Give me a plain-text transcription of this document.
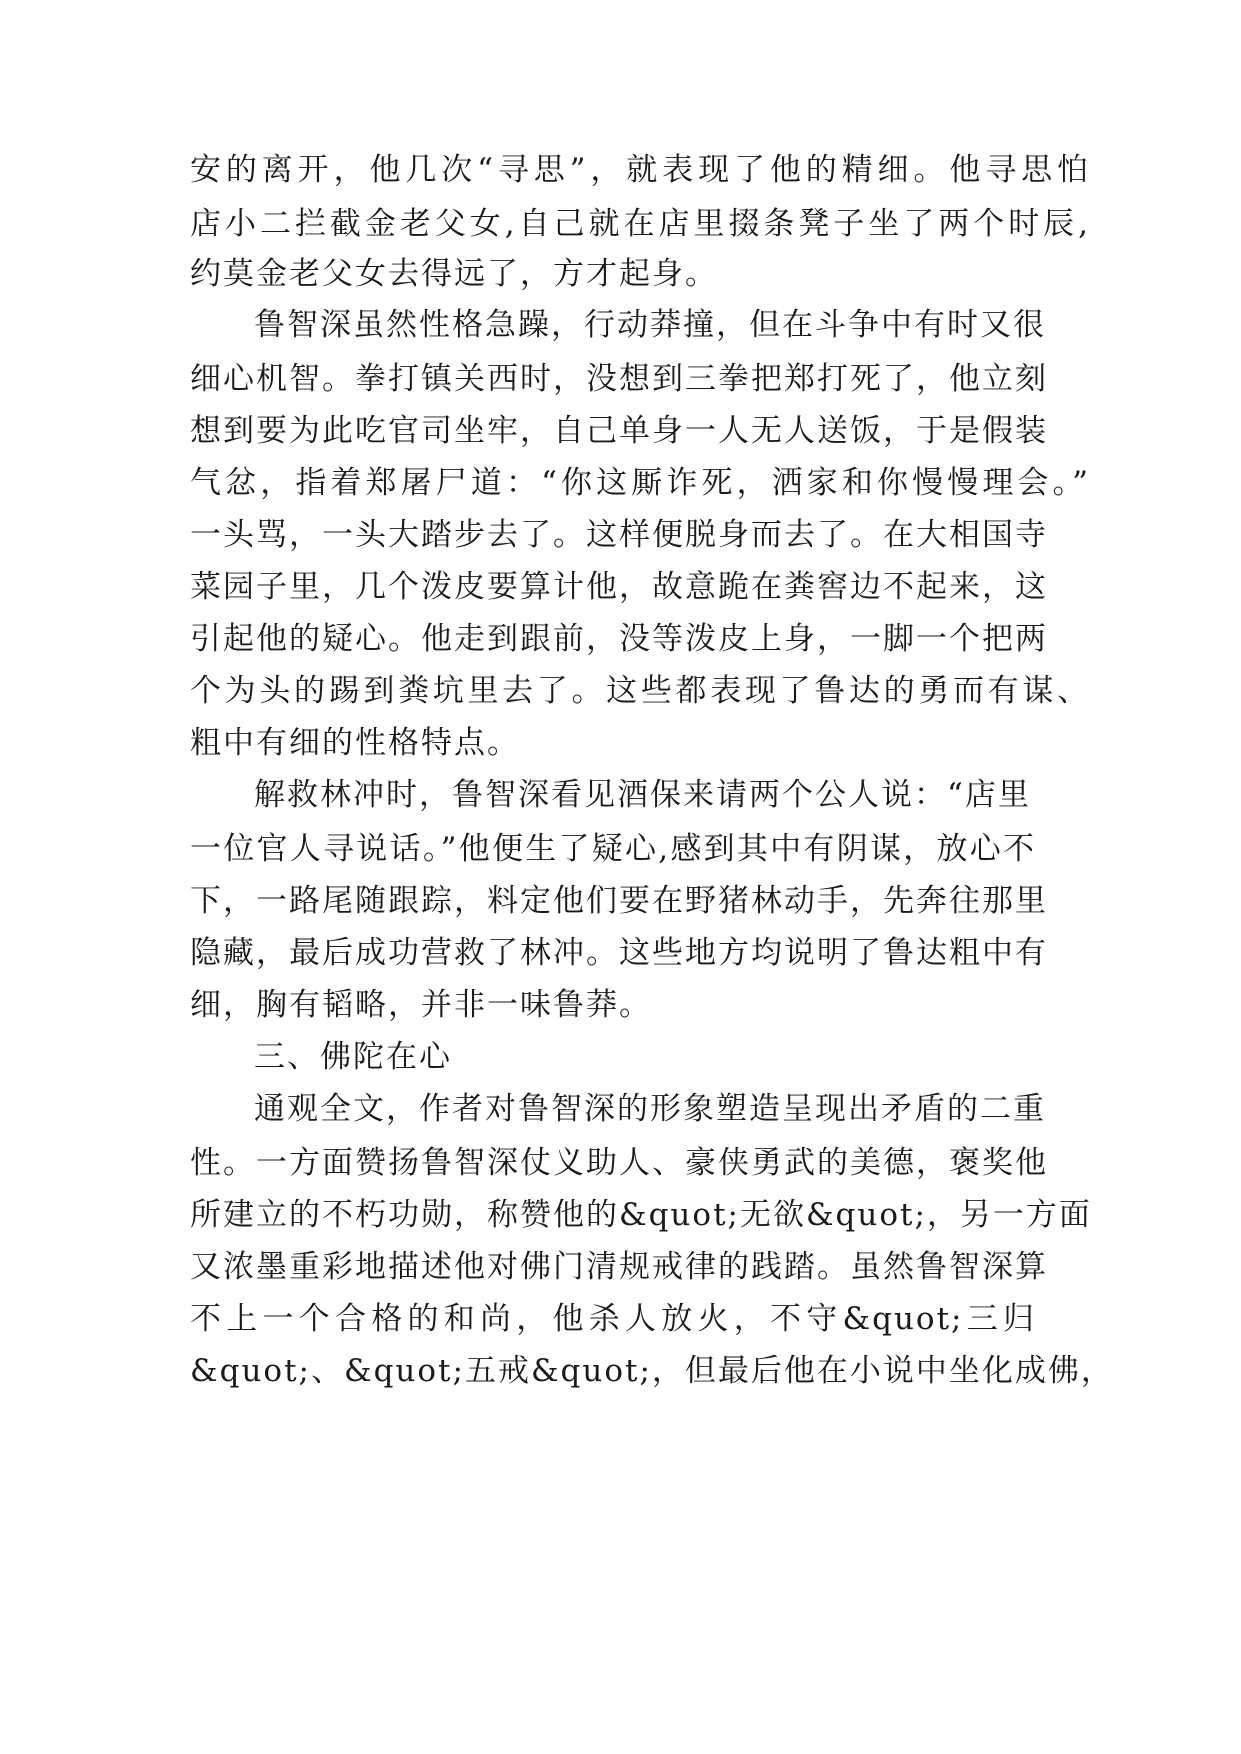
安的离开，他几次“寻思”，就表现了他的精细。他寻思怕
店小二拦截金老父女,自己就在店里掇条凳子坐了两个时辰,
约莫金老父女去得远了，方才起身。
鲁智深虽然性格急躁，行动莽撞，但在斗争中有时又很
细心机智。拳打镇关西时，没想到三拳把郑打死了，他立刻
想到要为此吃官司坐牢，自己单身一人无人送饭，于是假装
气忿，指着郑屠尸道：“你这厮诈死，洒家和你慢慢理会。”
一头骂，一头大踏步去了。这样便脱身而去了。在大相国寺
菜园子里，几个泼皮要算计他，故意跪在粪窖边不起来，这
引起他的疑心。他走到跟前，没等泼皮上身，一脚一个把两
个为头的踢到粪坑里去了。这些都表现了鲁达的勇而有谋、
粗中有细的性格特点。
解救林冲时，鲁智深看见酒保来请两个公人说：“店里
一位官人寻说话。”他便生了疑心,感到其中有阴谋，放心不
下，一路尾随跟踪，料定他们要在野猪林动手，先奔往那里
隐藏，最后成功营救了林冲。这些地方均说明了鲁达粗中有
细，胸有韬略，并非一味鲁莽。
三、佛陀在心
通观全文，作者对鲁智深的形象塑造呈现出矛盾的二重
性。一方面赞扬鲁智深仗义助人、豪侠勇武的美德，褒奖他
所建立的不朽功勋，称赞他的&quot;无欲&quot;，另一方面
又浓墨重彩地描述他对佛门清规戒律的践踏。虽然鲁智深算
不上一个合格的和尚，他杀人放火，不守&quot;三归
&quot;、&quot;五戒&quot;，但最后他在小说中坐化成佛，
